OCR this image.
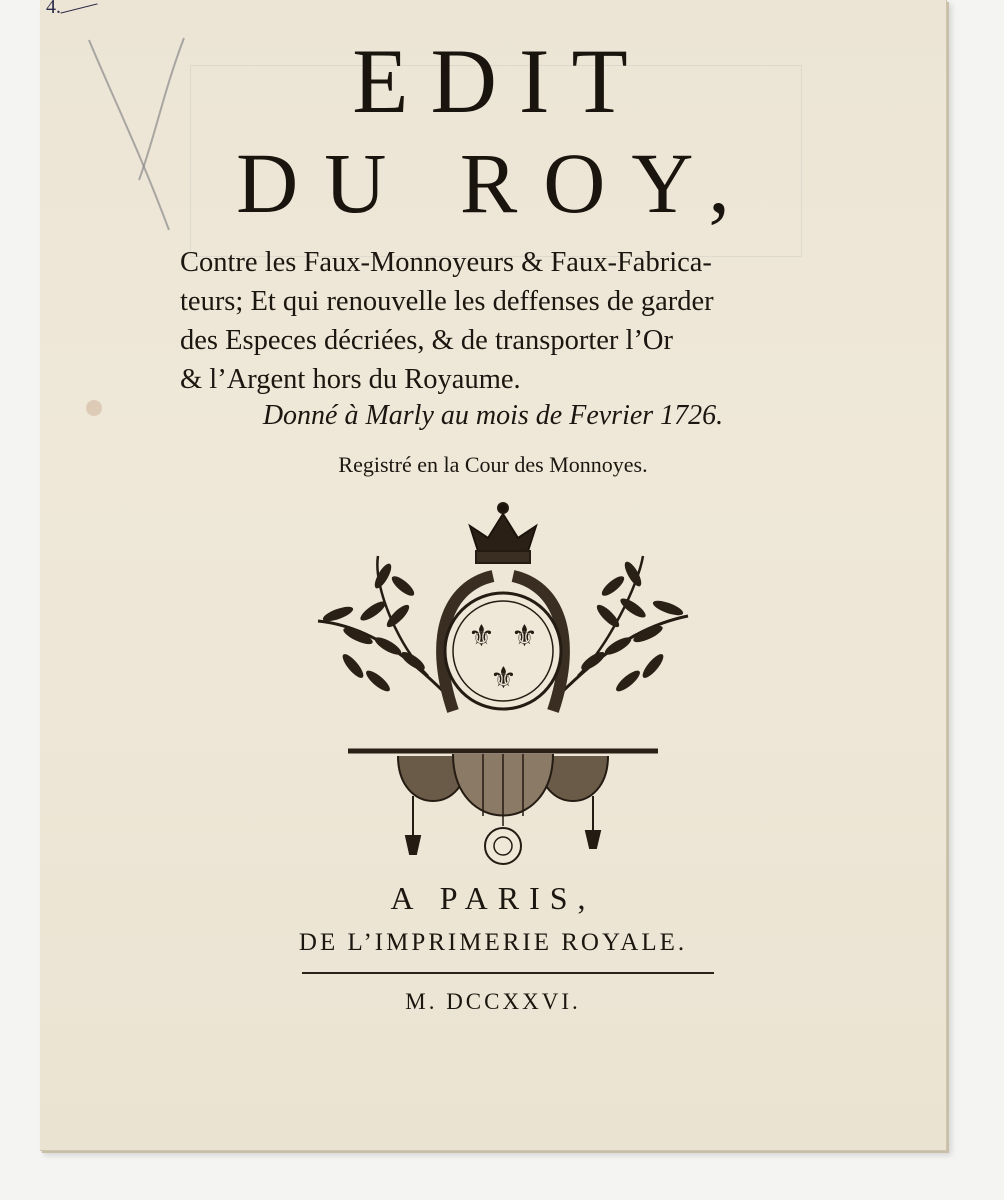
4.
EDIT
DU ROY,
Contre les Faux-Monnoyeurs & Faux-Fabrica-
teurs; Et qui renouvelle les deffenses de garder
des Especes décriées, & de transporter l’Or
& l’Argent hors du Royaume.
Donné à Marly au mois de Fevrier 1726.
Registré en la Cour des Monnoyes.
⚜ ⚜
⚜
A PARIS,
DE L’IMPRIMERIE ROYALE.
M. DCCXXVI.
